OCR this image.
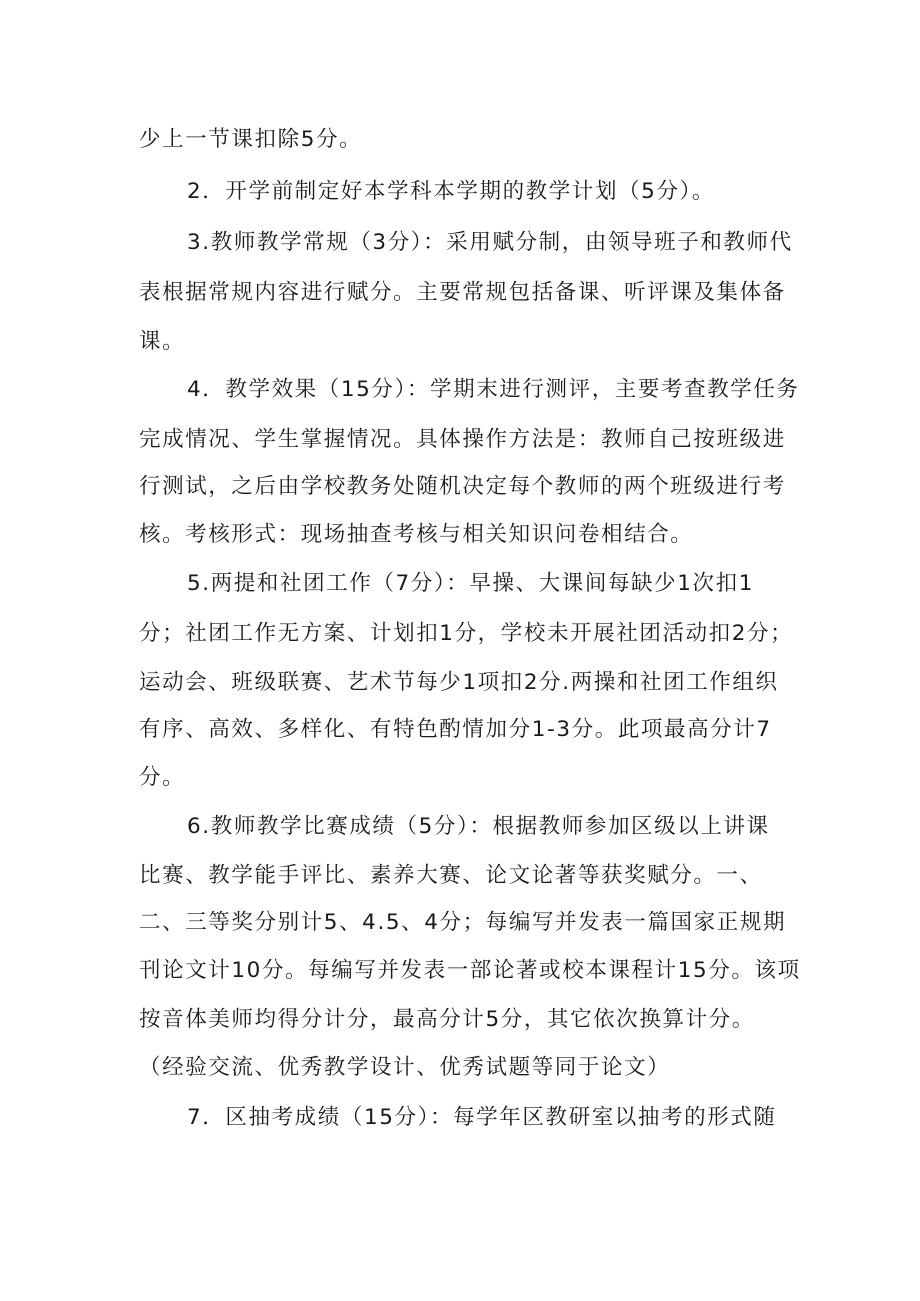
少上一节课扣除5分。
2．开学前制定好本学科本学期的教学计划（5分）。
3.教师教学常规（3分）：采用赋分制，由领导班子和教师代
表根据常规内容进行赋分。主要常规包括备课、听评课及集体备
课。
4．教学效果（15分）：学期末进行测评，主要考查教学任务
完成情况、学生掌握情况。具体操作方法是：教师自己按班级进
行测试，之后由学校教务处随机决定每个教师的两个班级进行考
核。考核形式：现场抽查考核与相关知识问卷相结合。
5.两提和社团工作（7分）：早操、大课间每缺少1次扣1
分；社团工作无方案、计划扣1分，学校未开展社团活动扣2分；
运动会、班级联赛、艺术节每少1项扣2分.两操和社团工作组织
有序、高效、多样化、有特色酌情加分1-3分。此项最高分计7
分。
6.教师教学比赛成绩（5分）：根据教师参加区级以上讲课
比赛、教学能手评比、素养大赛、论文论著等获奖赋分。一、
二、三等奖分别计5、4.5、4分；每编写并发表一篇国家正规期
刊论文计10分。每编写并发表一部论著或校本课程计15分。该项
按音体美师均得分计分，最高分计5分，其它依次换算计分。
（经验交流、优秀教学设计、优秀试题等同于论文）
7．区抽考成绩（15分）：每学年区教研室以抽考的形式随
